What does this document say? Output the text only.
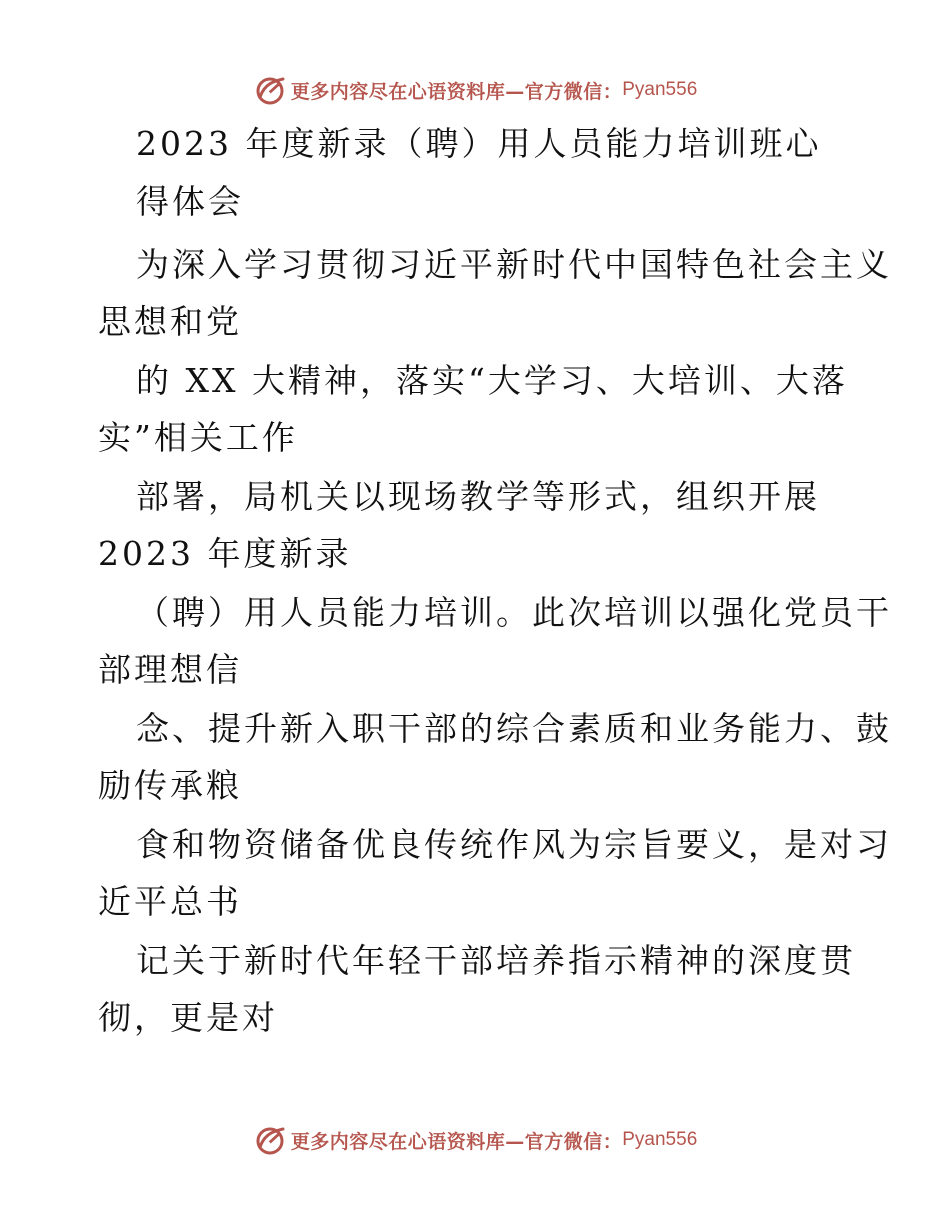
更多内容尽在心语资料库—官方微信： Pyan556
2023 年度新录（聘）用人员能力培训班心
得体会
为深入学习贯彻习近平新时代中国特色社会主义
思想和党
的 XX 大精神，落实“大学习、大培训、大落
实”相关工作
部署，局机关以现场教学等形式，组织开展
2023 年度新录
（聘）用人员能力培训。此次培训以强化党员干
部理想信
念、提升新入职干部的综合素质和业务能力、鼓
励传承粮
食和物资储备优良传统作风为宗旨要义，是对习
近平总书
记关于新时代年轻干部培养指示精神的深度贯
彻，更是对
更多内容尽在心语资料库—官方微信： Pyan556
